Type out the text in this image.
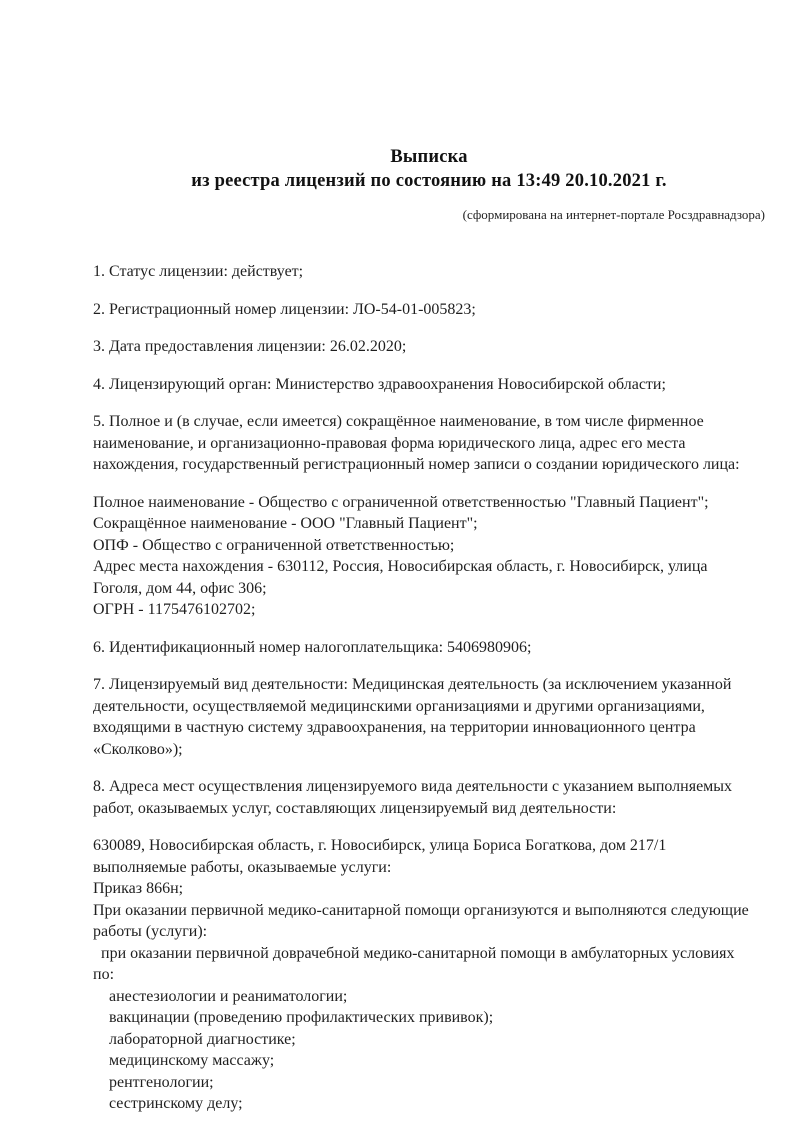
Выписка
из реестра лицензий по состоянию на 13:49 20.10.2021 г.
(сформирована на интернет-портале Росздравнадзора)
1. Статус лицензии: действует;
2. Регистрационный номер лицензии: ЛО-54-01-005823;
3. Дата предоставления лицензии: 26.02.2020;
4. Лицензирующий орган: Министерство здравоохранения Новосибирской области;
5. Полное и (в случае, если имеется) сокращённое наименование, в том числе фирменное
наименование, и организационно-правовая форма юридического лица, адрес его места
нахождения, государственный регистрационный номер записи о создании юридического лица:
Полное наименование - Общество с ограниченной ответственностью "Главный Пациент";
Сокращённое наименование - ООО "Главный Пациент";
ОПФ - Общество с ограниченной ответственностью;
Адрес места нахождения - 630112, Россия, Новосибирская область, г. Новосибирск, улица
Гоголя, дом 44, офис 306;
ОГРН - 1175476102702;
6. Идентификационный номер налогоплательщика: 5406980906;
7. Лицензируемый вид деятельности: Медицинская деятельность (за исключением указанной
деятельности, осуществляемой медицинскими организациями и другими организациями,
входящими в частную систему здравоохранения, на территории инновационного центра
«Сколково»);
8. Адреса мест осуществления лицензируемого вида деятельности с указанием выполняемых
работ, оказываемых услуг, составляющих лицензируемый вид деятельности:
630089, Новосибирская область, г. Новосибирск, улица Бориса Богаткова, дом 217/1
выполняемые работы, оказываемые услуги:
Приказ 866н;
При оказании первичной медико-санитарной помощи организуются и выполняются следующие
работы (услуги):
при оказании первичной доврачебной медико-санитарной помощи в амбулаторных условиях
по:
анестезиологии и реаниматологии;
вакцинации (проведению профилактических прививок);
лабораторной диагностике;
медицинскому массажу;
рентгенологии;
сестринскому делу;
